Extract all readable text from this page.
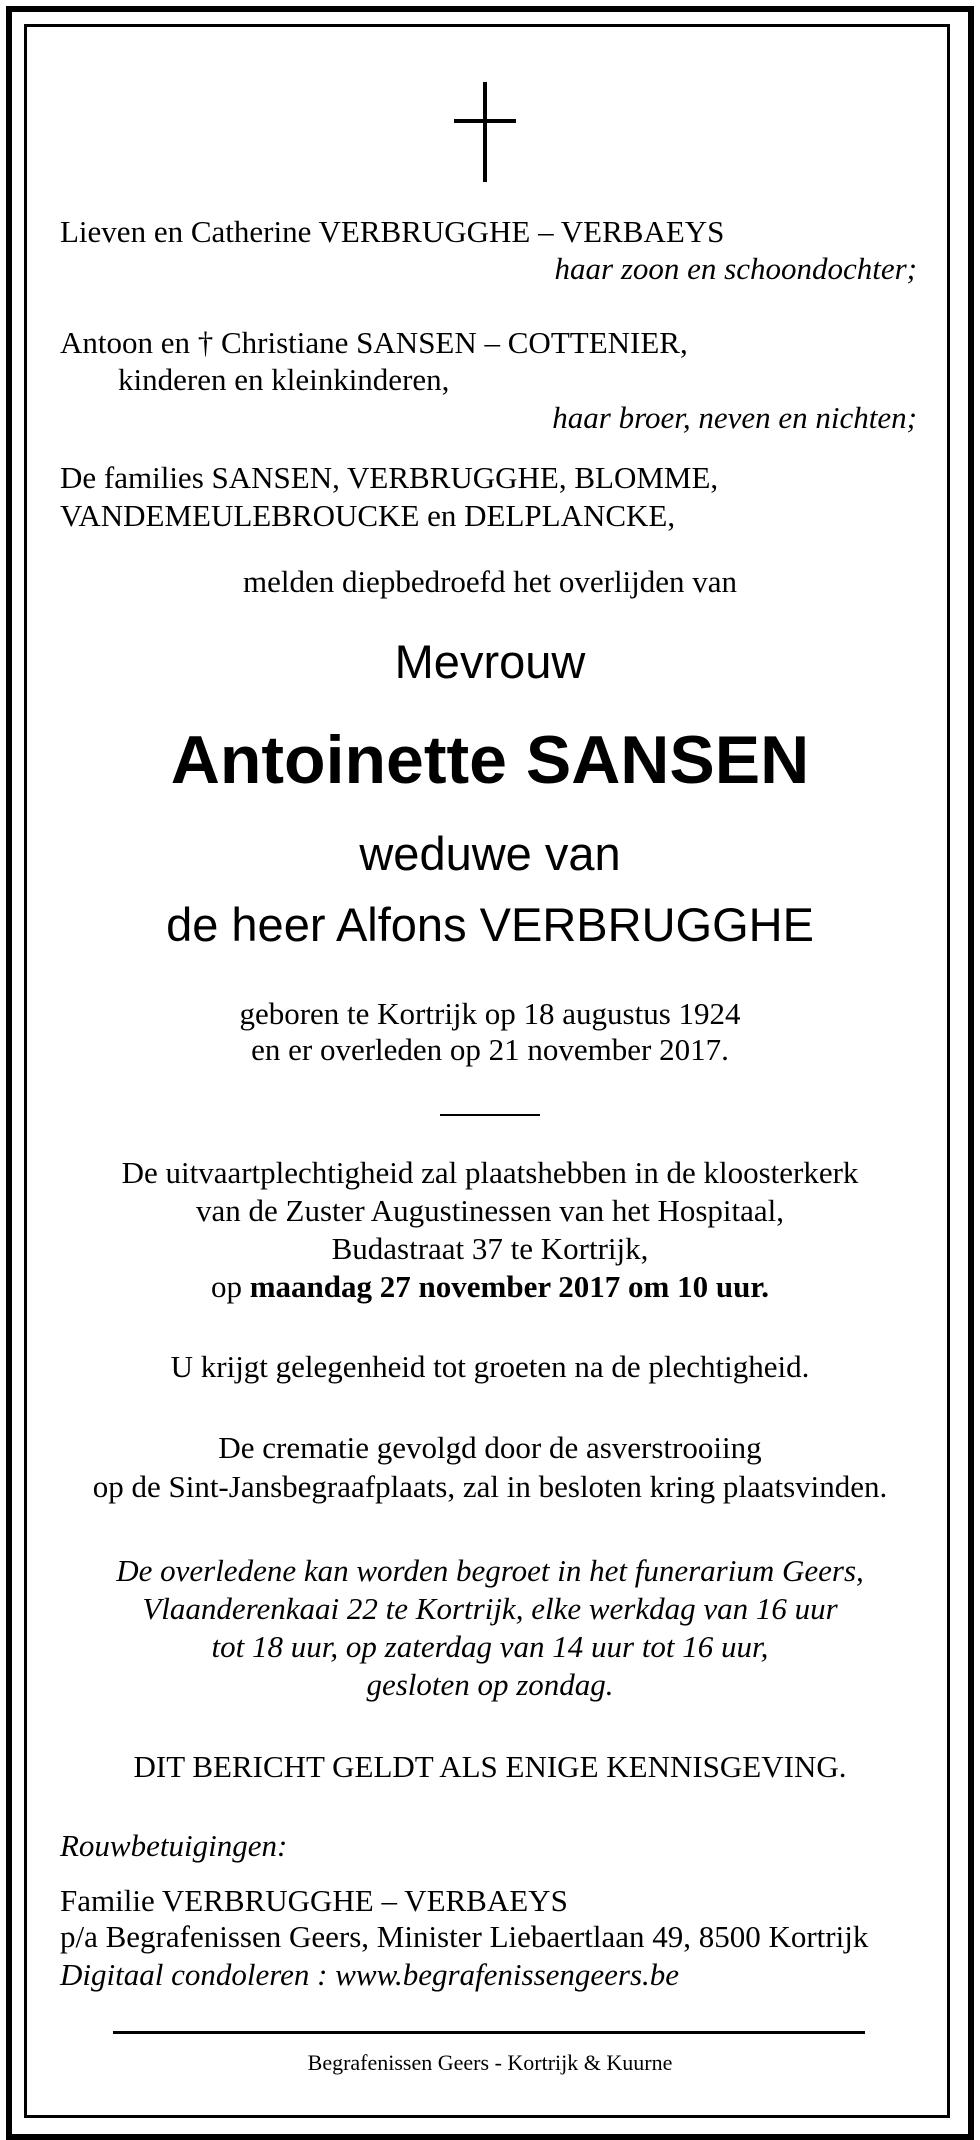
Lieven en Catherine VERBRUGGHE – VERBAEYS
haar zoon en schoondochter;
Antoon en † Christiane SANSEN – COTTENIER,
kinderen en kleinkinderen,
haar broer, neven en nichten;
De families SANSEN, VERBRUGGHE, BLOMME,
VANDEMEULEBROUCKE en DELPLANCKE,
melden diepbedroefd het overlijden van
Mevrouw
Antoinette SANSEN
weduwe van
de heer Alfons VERBRUGGHE
geboren te Kortrijk op 18 augustus 1924
en er overleden op 21 november 2017.
De uitvaartplechtigheid zal plaatshebben in de kloosterkerk
van de Zuster Augustinessen van het Hospitaal,
Budastraat 37 te Kortrijk,
op maandag 27 november 2017 om 10 uur.
U krijgt gelegenheid tot groeten na de plechtigheid.
De crematie gevolgd door de asverstrooiing
op de Sint-Jansbegraafplaats, zal in besloten kring plaatsvinden.
De overledene kan worden begroet in het funerarium Geers,
Vlaanderenkaai 22 te Kortrijk, elke werkdag van 16 uur
tot 18 uur, op zaterdag van 14 uur tot 16 uur,
gesloten op zondag.
DIT BERICHT GELDT ALS ENIGE KENNISGEVING.
Rouwbetuigingen:
Familie VERBRUGGHE – VERBAEYS
p/a Begrafenissen Geers, Minister Liebaertlaan 49, 8500 Kortrijk
Digitaal condoleren : www.begrafenissengeers.be
Begrafenissen Geers - Kortrijk & Kuurne
